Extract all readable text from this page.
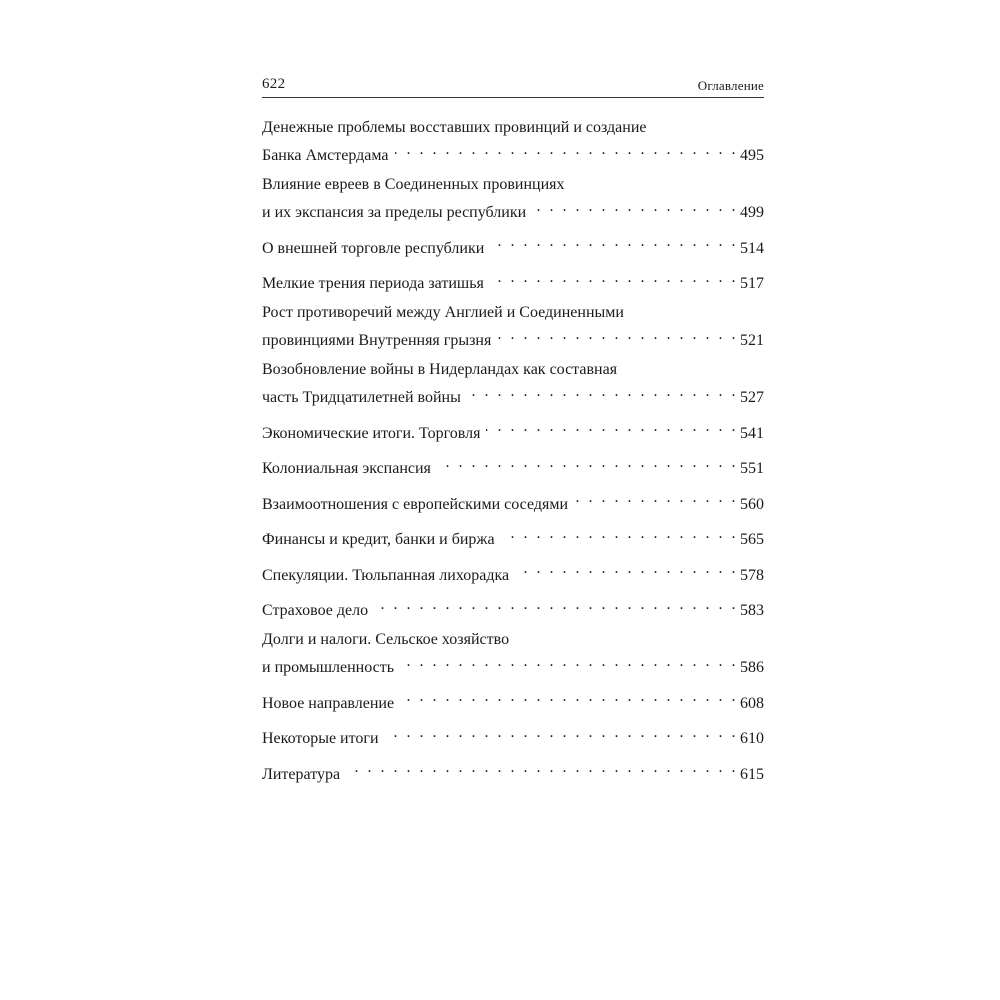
622	Оглавление
Денежные проблемы восставших провинций и создание
Банка Амстердама . . .	495
Влияние евреев в Соединенных провинциях
и их экспансия за пределы республики . . .	499
О внешней торговле республики . . .	514
Мелкие трения периода затишья . . .	517
Рост противоречий между Англией и Соединенными
провинциями Внутренняя грызня . . .	521
Возобновление войны в Нидерландах как составная
часть Тридцатилетней войны . . .	527
Экономические итоги. Торговля . . .	541
Колониальная экспансия . . .	551
Взаимоотношения с европейскими соседями . . .	560
Финансы и кредит, банки и биржа . . .	565
Спекуляции. Тюльпанная лихорадка . . .	578
Страховое дело . . .	583
Долги и налоги. Сельское хозяйство
и промышленность . . .	586
Новое направление . . .	608
Некоторые итоги . . .	610
Литература . . .	615
